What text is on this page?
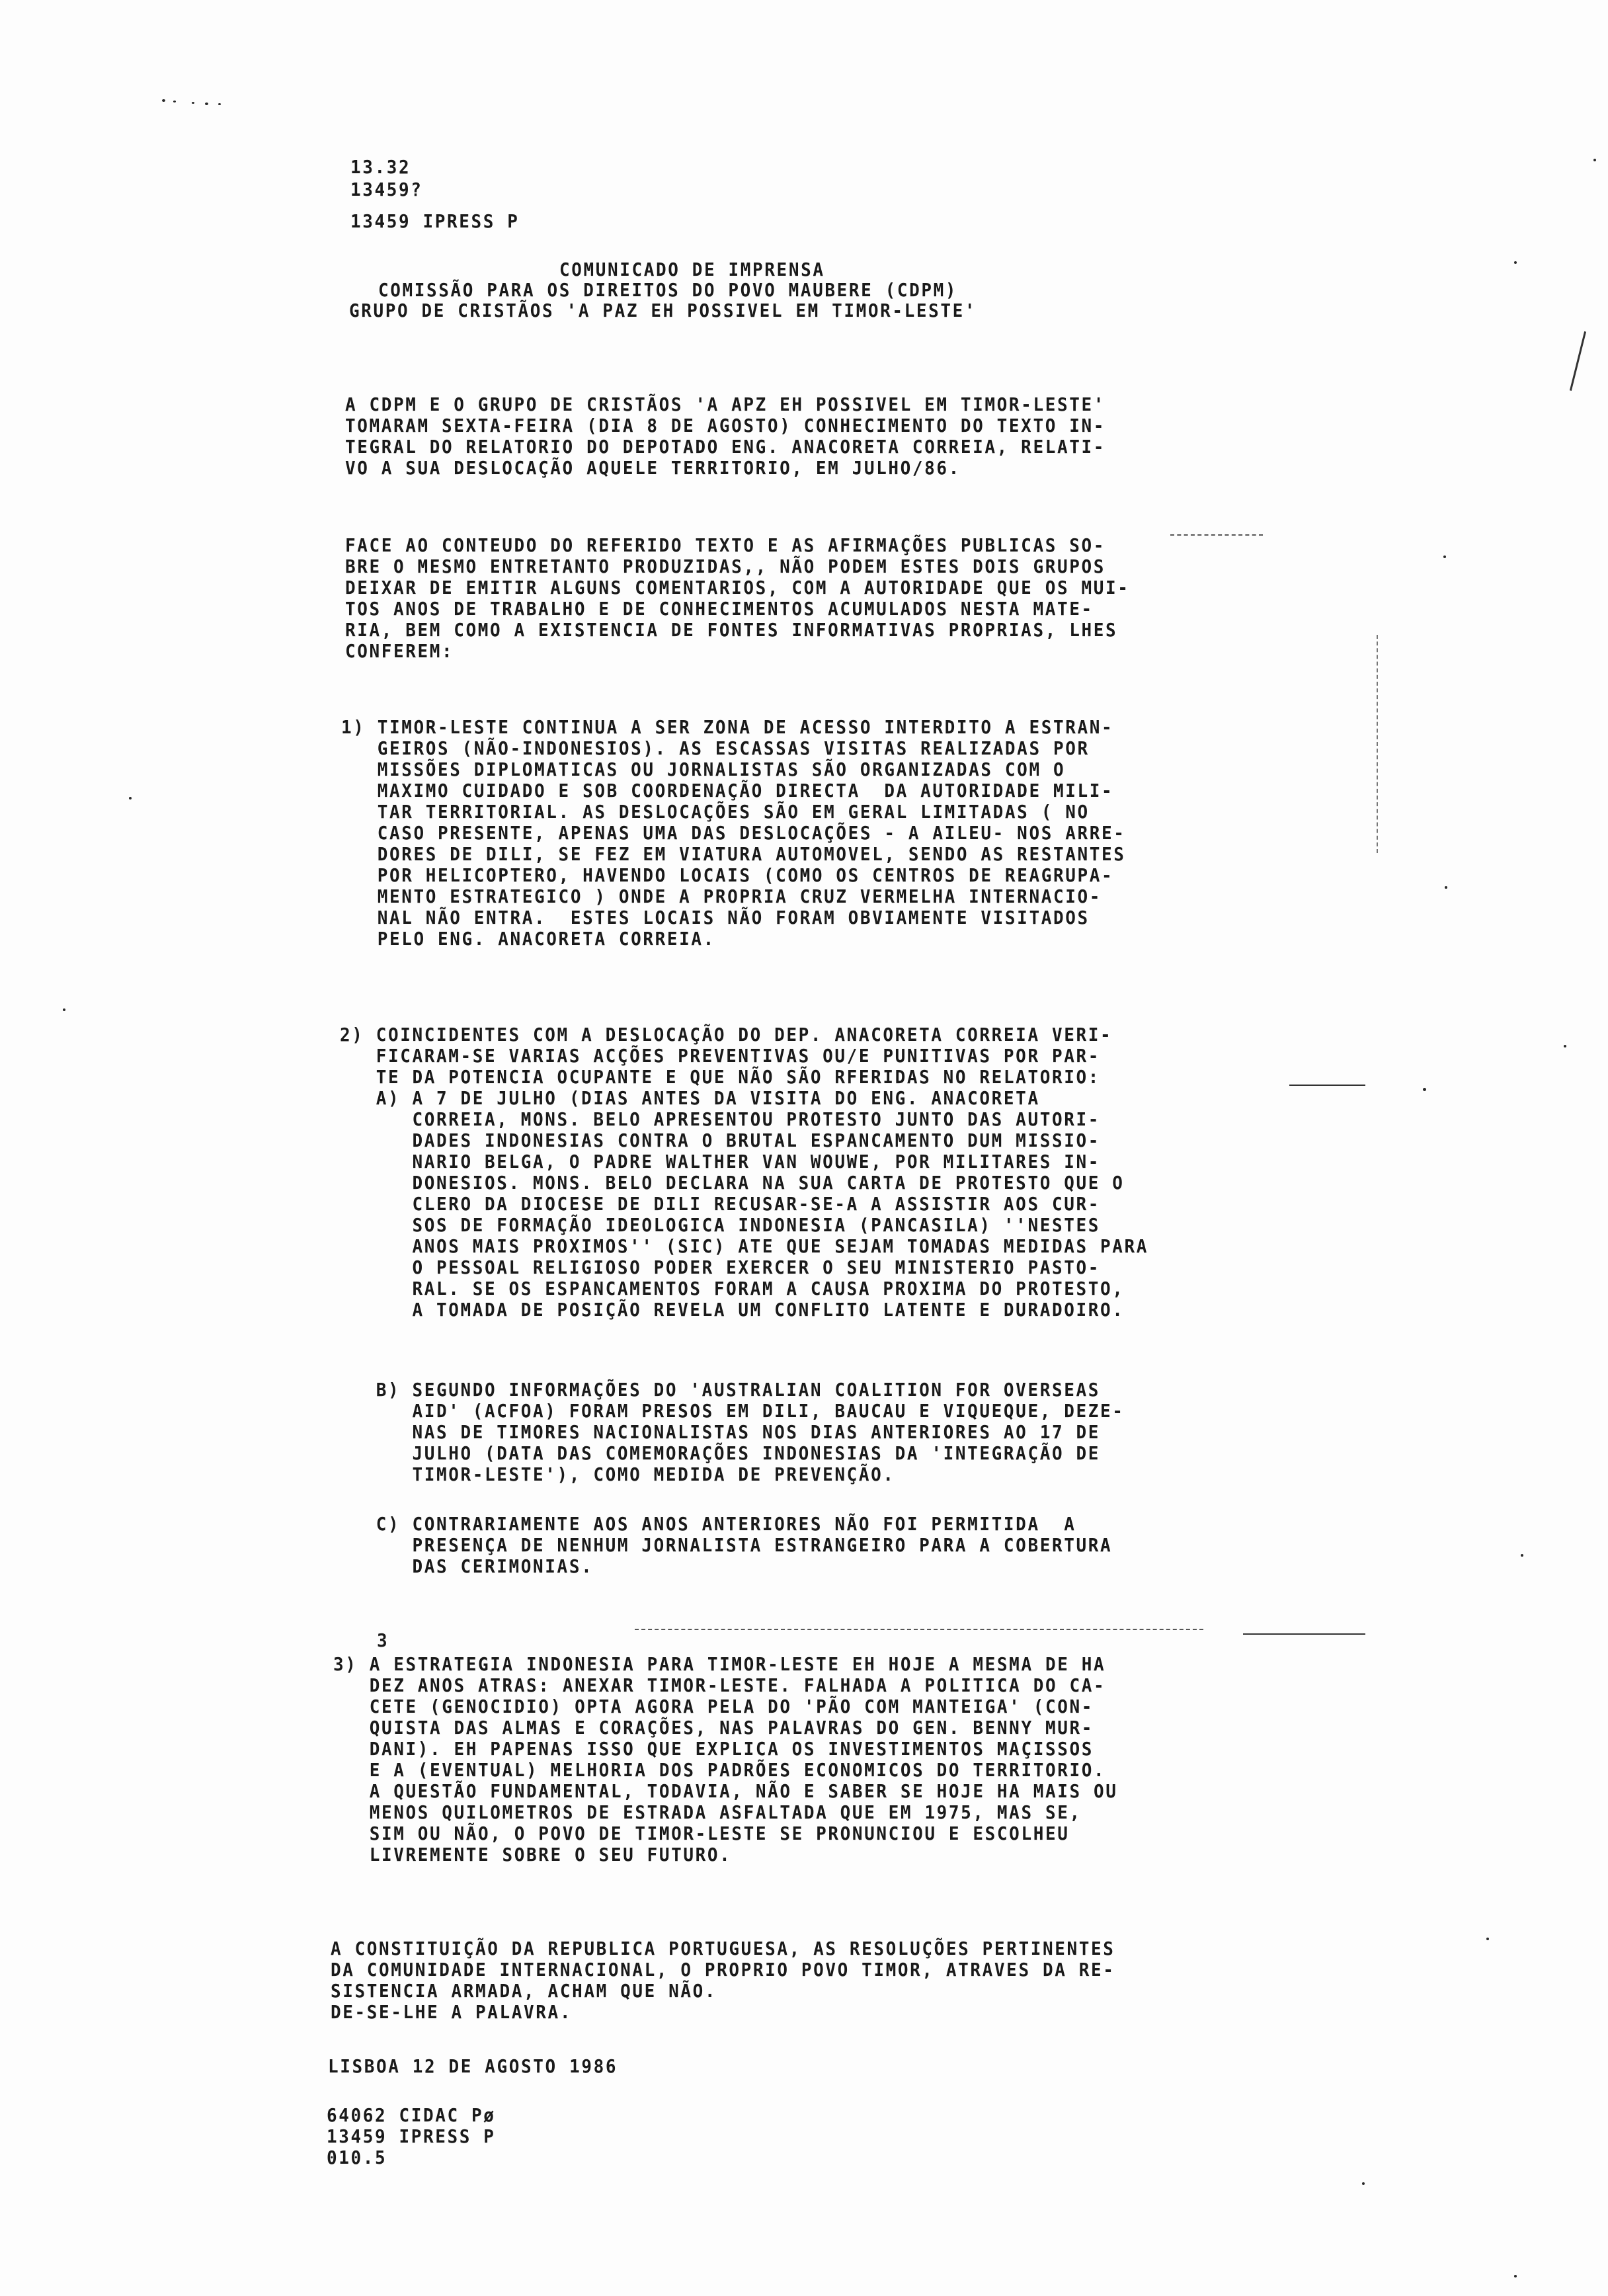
13.32
13459?
13459 IPRESS P
COMUNICADO DE IMPRENSA
COMISSÃO PARA OS DIREITOS DO POVO MAUBERE (CDPM)
GRUPO DE CRISTÃOS 'A PAZ EH POSSIVEL EM TIMOR-LESTE'
A CDPM E O GRUPO DE CRISTÃOS 'A APZ EH POSSIVEL EM TIMOR-LESTE'
TOMARAM SEXTA-FEIRA (DIA 8 DE AGOSTO) CONHECIMENTO DO TEXTO IN-
TEGRAL DO RELATORIO DO DEPOTADO ENG. ANACORETA CORREIA, RELATI-
VO A SUA DESLOCAÇÃO AQUELE TERRITORIO, EM JULHO/86.
FACE AO CONTEUDO DO REFERIDO TEXTO E AS AFIRMAÇÕES PUBLICAS SO-
BRE O MESMO ENTRETANTO PRODUZIDAS,, NÃO PODEM ESTES DOIS GRUPOS
DEIXAR DE EMITIR ALGUNS COMENTARIOS, COM A AUTORIDADE QUE OS MUI-
TOS ANOS DE TRABALHO E DE CONHECIMENTOS ACUMULADOS NESTA MATE-
RIA, BEM COMO A EXISTENCIA DE FONTES INFORMATIVAS PROPRIAS, LHES
CONFEREM:
1) TIMOR-LESTE CONTINUA A SER ZONA DE ACESSO INTERDITO A ESTRAN-
GEIROS (NÃO-INDONESIOS). AS ESCASSAS VISITAS REALIZADAS POR
MISSÕES DIPLOMATICAS OU JORNALISTAS SÃO ORGANIZADAS COM O
MAXIMO CUIDADO E SOB COORDENAÇÃO DIRECTA  DA AUTORIDADE MILI-
TAR TERRITORIAL. AS DESLOCAÇÕES SÃO EM GERAL LIMITADAS ( NO
CASO PRESENTE, APENAS UMA DAS DESLOCAÇÕES - A AILEU- NOS ARRE-
DORES DE DILI, SE FEZ EM VIATURA AUTOMOVEL, SENDO AS RESTANTES
POR HELICOPTERO, HAVENDO LOCAIS (COMO OS CENTROS DE REAGRUPA-
MENTO ESTRATEGICO ) ONDE A PROPRIA CRUZ VERMELHA INTERNACIO-
NAL NÃO ENTRA.  ESTES LOCAIS NÃO FORAM OBVIAMENTE VISITADOS
PELO ENG. ANACORETA CORREIA.
2) COINCIDENTES COM A DESLOCAÇÃO DO DEP. ANACORETA CORREIA VERI-
FICARAM-SE VARIAS ACÇÕES PREVENTIVAS OU/E PUNITIVAS POR PAR-
TE DA POTENCIA OCUPANTE E QUE NÃO SÃO RFERIDAS NO RELATORIO:
A) A 7 DE JULHO (DIAS ANTES DA VISITA DO ENG. ANACORETA
CORREIA, MONS. BELO APRESENTOU PROTESTO JUNTO DAS AUTORI-
DADES INDONESIAS CONTRA O BRUTAL ESPANCAMENTO DUM MISSIO-
NARIO BELGA, O PADRE WALTHER VAN WOUWE, POR MILITARES IN-
DONESIOS. MONS. BELO DECLARA NA SUA CARTA DE PROTESTO QUE O
CLERO DA DIOCESE DE DILI RECUSAR-SE-A A ASSISTIR AOS CUR-
SOS DE FORMAÇÃO IDEOLOGICA INDONESIA (PANCASILA) ''NESTES
ANOS MAIS PROXIMOS'' (SIC) ATE QUE SEJAM TOMADAS MEDIDAS PARA
O PESSOAL RELIGIOSO PODER EXERCER O SEU MINISTERIO PASTO-
RAL. SE OS ESPANCAMENTOS FORAM A CAUSA PROXIMA DO PROTESTO,
A TOMADA DE POSIÇÃO REVELA UM CONFLITO LATENTE E DURADOIRO.
B) SEGUNDO INFORMAÇÕES DO 'AUSTRALIAN COALITION FOR OVERSEAS
AID' (ACFOA) FORAM PRESOS EM DILI, BAUCAU E VIQUEQUE, DEZE-
NAS DE TIMORES NACIONALISTAS NOS DIAS ANTERIORES AO 17 DE
JULHO (DATA DAS COMEMORAÇÕES INDONESIAS DA 'INTEGRAÇÃO DE
TIMOR-LESTE'), COMO MEDIDA DE PREVENÇÃO.
C) CONTRARIAMENTE AOS ANOS ANTERIORES NÃO FOI PERMITIDA  A
PRESENÇA DE NENHUM JORNALISTA ESTRANGEIRO PARA A COBERTURA
DAS CERIMONIAS.
3
3) A ESTRATEGIA INDONESIA PARA TIMOR-LESTE EH HOJE A MESMA DE HA
DEZ ANOS ATRAS: ANEXAR TIMOR-LESTE. FALHADA A POLITICA DO CA-
CETE (GENOCIDIO) OPTA AGORA PELA DO 'PÃO COM MANTEIGA' (CON-
QUISTA DAS ALMAS E CORAÇÕES, NAS PALAVRAS DO GEN. BENNY MUR-
DANI). EH PAPENAS ISSO QUE EXPLICA OS INVESTIMENTOS MAÇISSOS
E A (EVENTUAL) MELHORIA DOS PADRÕES ECONOMICOS DO TERRITORIO.
A QUESTÃO FUNDAMENTAL, TODAVIA, NÃO E SABER SE HOJE HA MAIS OU
MENOS QUILOMETROS DE ESTRADA ASFALTADA QUE EM 1975, MAS SE,
SIM OU NÃO, O POVO DE TIMOR-LESTE SE PRONUNCIOU E ESCOLHEU
LIVREMENTE SOBRE O SEU FUTURO.
A CONSTITUIÇÃO DA REPUBLICA PORTUGUESA, AS RESOLUÇÕES PERTINENTES
DA COMUNIDADE INTERNACIONAL, O PROPRIO POVO TIMOR, ATRAVES DA RE-
SISTENCIA ARMADA, ACHAM QUE NÃO.
DE-SE-LHE A PALAVRA.
LISBOA 12 DE AGOSTO 1986
64062 CIDAC Pø
13459 IPRESS P
010.5
